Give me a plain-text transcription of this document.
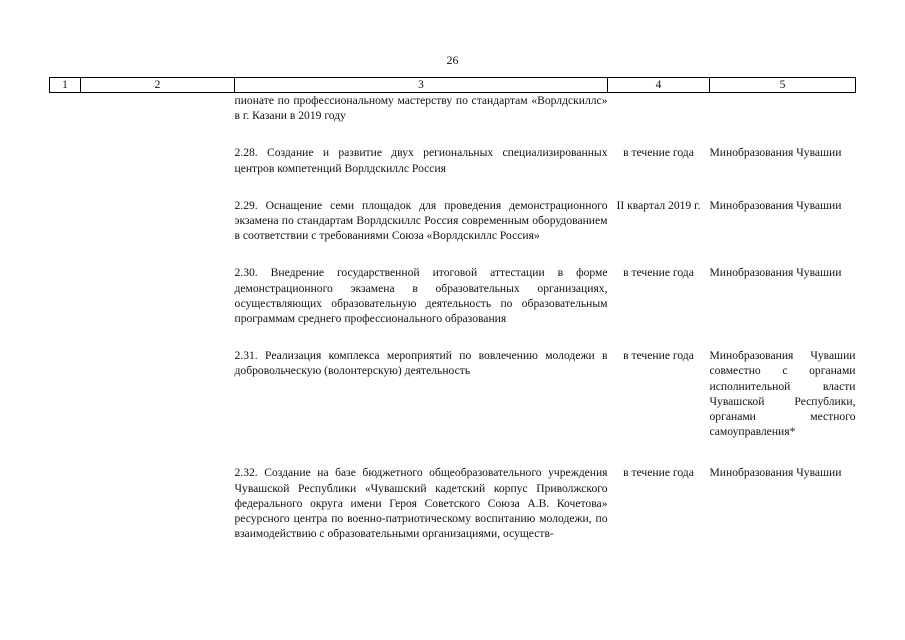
26
1	2	3	4	5
		пионате по профессиональному мастерству по стандартам «Ворлдскиллс» в г. Казани в 2019 году		

		2.28. Создание и развитие двух региональных специализированных центров компетенций Ворлдскиллс Россия	в течение года	Минобразования Чувашии

		2.29. Оснащение семи площадок для проведения демонстрационного экзамена по стандартам Ворлдскиллс Россия современным оборудованием в соответствии с требованиями Союза «Ворлдскиллс Россия»	II квартал 2019 г.	Минобразования Чувашии

		2.30. Внедрение государственной итоговой аттестации в форме демонстрационного экзамена в образовательных организациях, осуществляющих образовательную деятельность по образовательным программам среднего профессионального образования	в течение года	Минобразования Чувашии

		2.31. Реализация комплекса мероприятий по вовлечению молодежи в добровольческую (волонтерскую) деятельность	в течение года	Минобразования Чувашии совместно с органами исполнительной власти Чувашской Республики, органами местного самоуправления*

		2.32. Создание на базе бюджетного общеобразовательного учреждения Чувашской Республики «Чувашский кадетский корпус Приволжского федерального округа имени Героя Советского Союза А.В. Кочетова» ресурсного центра по военно-патриотическому воспитанию молодежи, по взаимодействию с образовательными организациями, осуществ-	в течение года	Минобразования Чувашии
